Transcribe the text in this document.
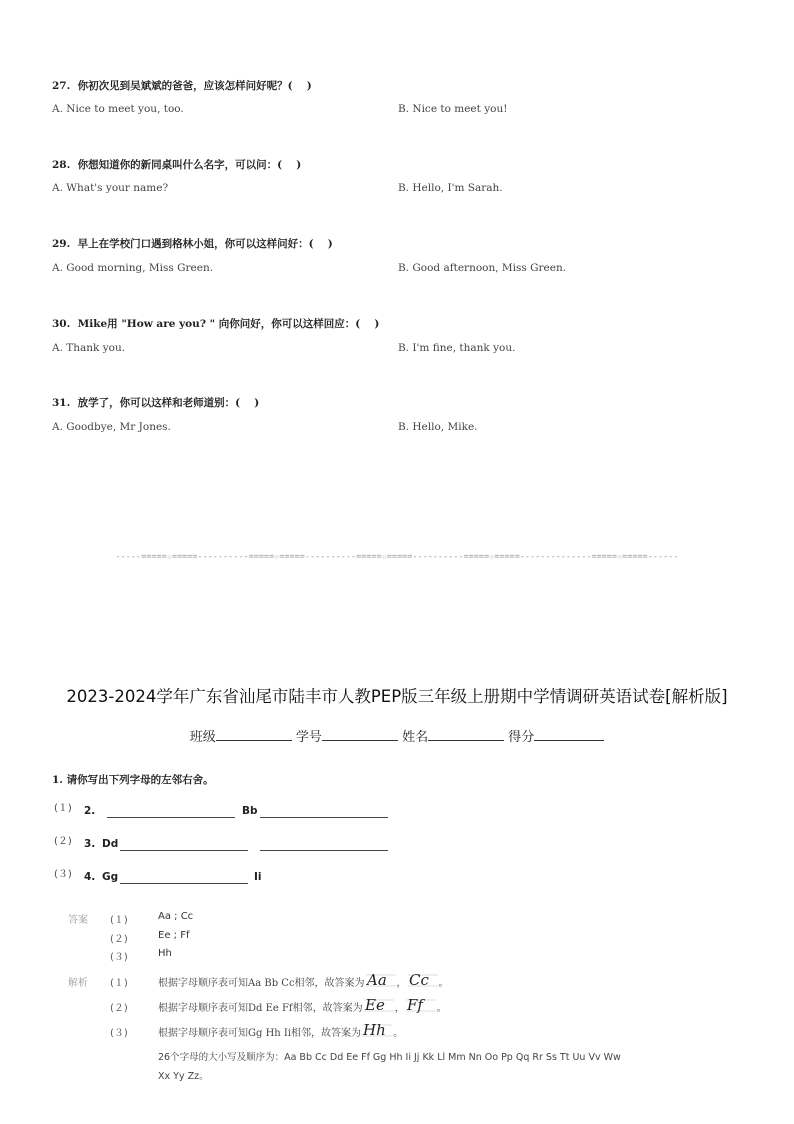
27. 你初次见到吴斌斌的爸爸，应该怎样问好呢？(　 )
A. Nice to meet you, too.	B. Nice to meet you!
28. 你想知道你的新同桌叫什么名字，可以问：(　 )
A. What's your name?	B. Hello, I'm Sarah.
29. 早上在学校门口遇到格林小姐，你可以这样问好：(　 )
A. Good morning, Miss Green.	B. Good afternoon, Miss Green.
30. Mike用 "How are you? " 向你问好，你可以这样回应：(　 )
A. Thank you.	B. I'm fine, thank you.
31. 放学了，你可以这样和老师道别：(　 )
A. Goodbye, Mr Jones.	B. Hello, Mike.
-----=====☆=====----------=====☆=====----------=====☆=====----------=====☆=====--------------=====☆=====------
2023-2024学年广东省汕尾市陆丰市人教PEP版三年级上册期中学情调研英语试卷[解析版]
班级	学号	姓名	得分
1. 请你写出下列字母的左邻右舍。
(１) 2.	Bb
(２) 3. Dd
(３) 4. Gg	Ii
答案 (１)	Aa ; Cc
(２)	Ee ; Ff
(３)	Hh
解析 (１)	根据字母顺序表可知Aa Bb Cc相邻，故答案为 Aa ， Cc 。
(２)	根据字母顺序表可知Dd Ee Ff相邻，故答案为 Ee ， Ff 。
(３)	根据字母顺序表可知Gg Hh Ii相邻，故答案为 Hh 。
26个字母的大小写及顺序为：Aa Bb Cc Dd Ee Ff Gg Hh Ii Jj Kk Ll Mm Nn Oo Pp Qq Rr Ss Tt Uu Vv Ww
Xx Yy Zz。
